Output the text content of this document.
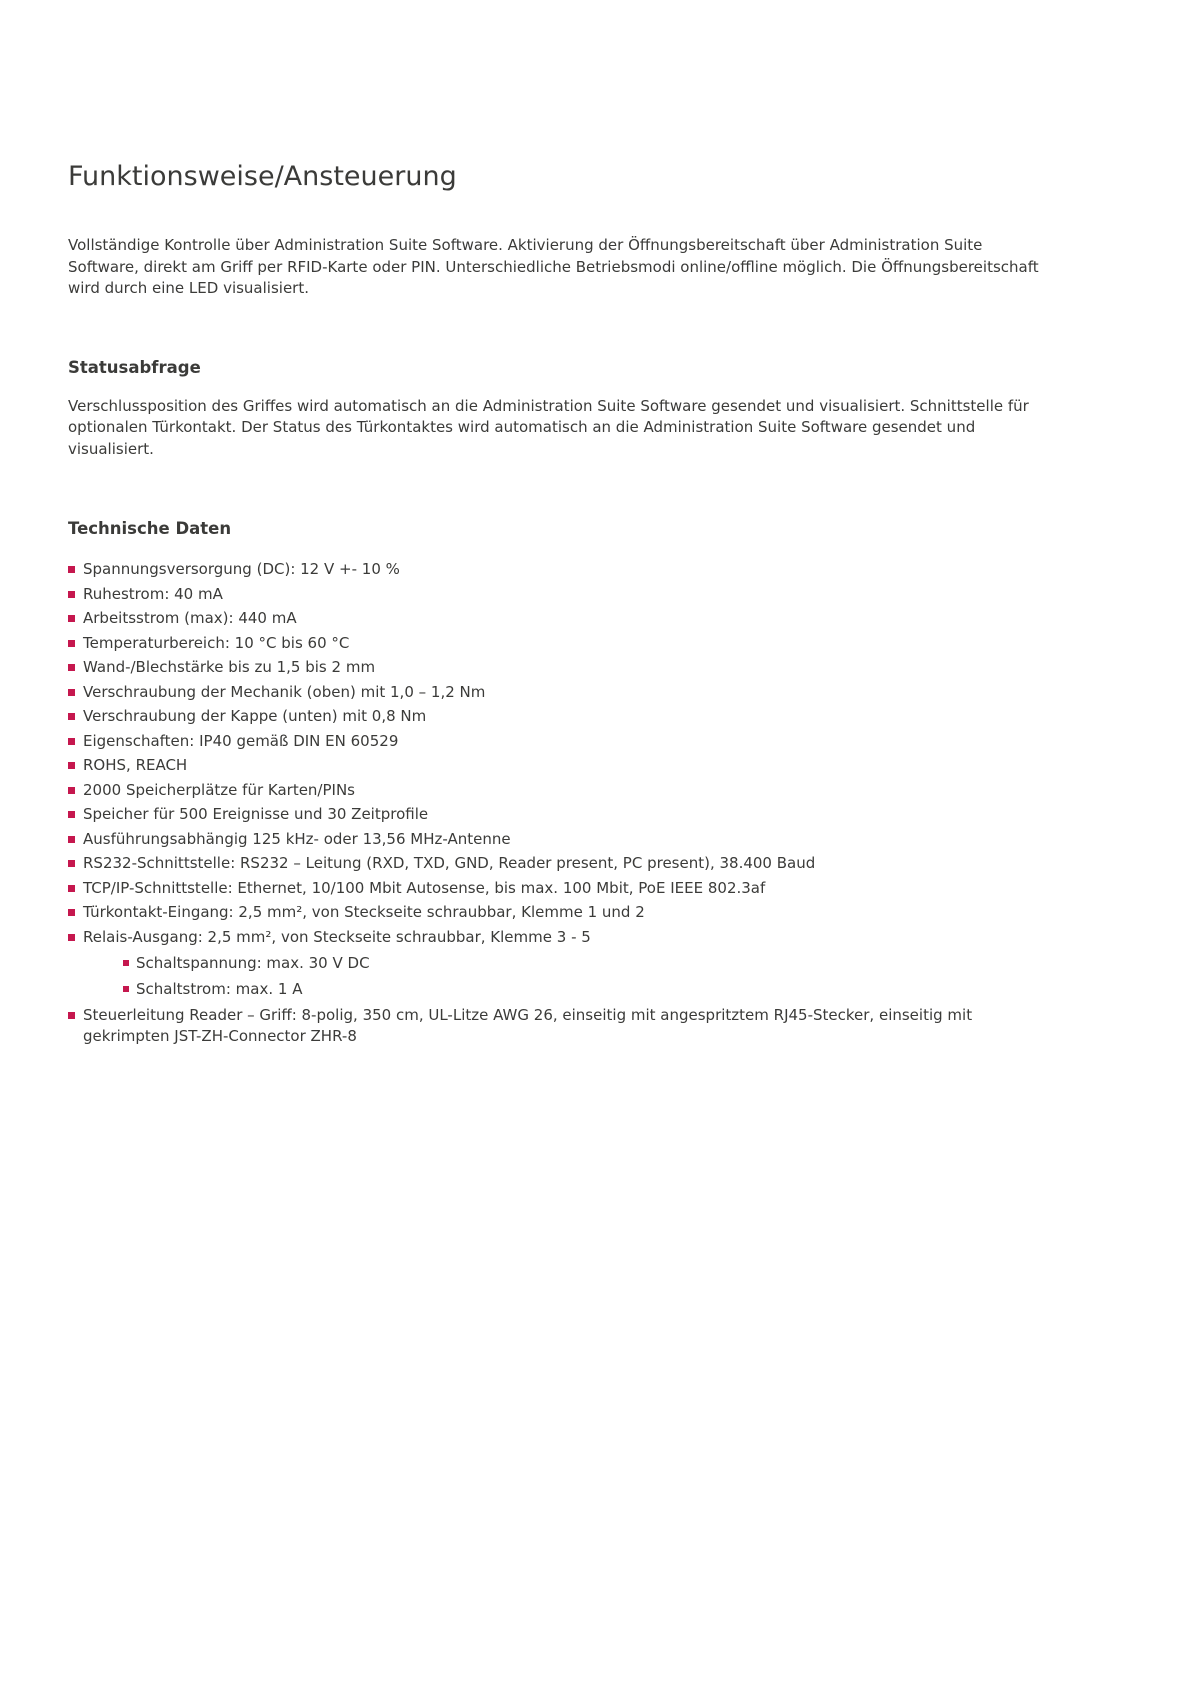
Funktionsweise/Ansteuerung

Vollständige Kontrolle über Administration Suite Software. Aktivierung der Öffnungsbereitschaft über Administration Suite Software, direkt am Griff per RFID-Karte oder PIN. Unterschiedliche Betriebsmodi online/offline möglich. Die Öffnungsbereitschaft wird durch eine LED visualisiert.

Statusabfrage

Verschlussposition des Griffes wird automatisch an die Administration Suite Software gesendet und visualisiert. Schnittstelle für optionalen Türkontakt. Der Status des Türkontaktes wird automatisch an die Administration Suite Software gesendet und visualisiert.

Technische Daten
Spannungsversorgung (DC): 12 V +- 10 %
Ruhestrom: 40 mA
Arbeitsstrom (max): 440 mA
Temperaturbereich: 10 °C bis 60 °C
Wand-/Blechstärke bis zu 1,5 bis 2 mm
Verschraubung der Mechanik (oben) mit 1,0 – 1,2 Nm
Verschraubung der Kappe (unten) mit 0,8 Nm
Eigenschaften: IP40 gemäß DIN EN 60529
ROHS, REACH
2000 Speicherplätze für Karten/PINs
Speicher für 500 Ereignisse und 30 Zeitprofile
Ausführungsabhängig 125 kHz- oder 13,56 MHz-Antenne
RS232-Schnittstelle: RS232 – Leitung (RXD, TXD, GND, Reader present, PC present), 38.400 Baud
TCP/IP-Schnittstelle: Ethernet, 10/100 Mbit Autosense, bis max. 100 Mbit, PoE IEEE 802.3af
Türkontakt-Eingang: 2,5 mm², von Steckseite schraubbar, Klemme 1 und 2
Relais-Ausgang: 2,5 mm², von Steckseite schraubbar, Klemme 3 - 5
Schaltspannung: max. 30 V DC
Schaltstrom: max. 1 A
Steuerleitung Reader – Griff: 8-polig, 350 cm, UL-Litze AWG 26, einseitig mit angespritztem RJ45-Stecker, einseitig mit gekrimpten JST-ZH-Connector ZHR-8
